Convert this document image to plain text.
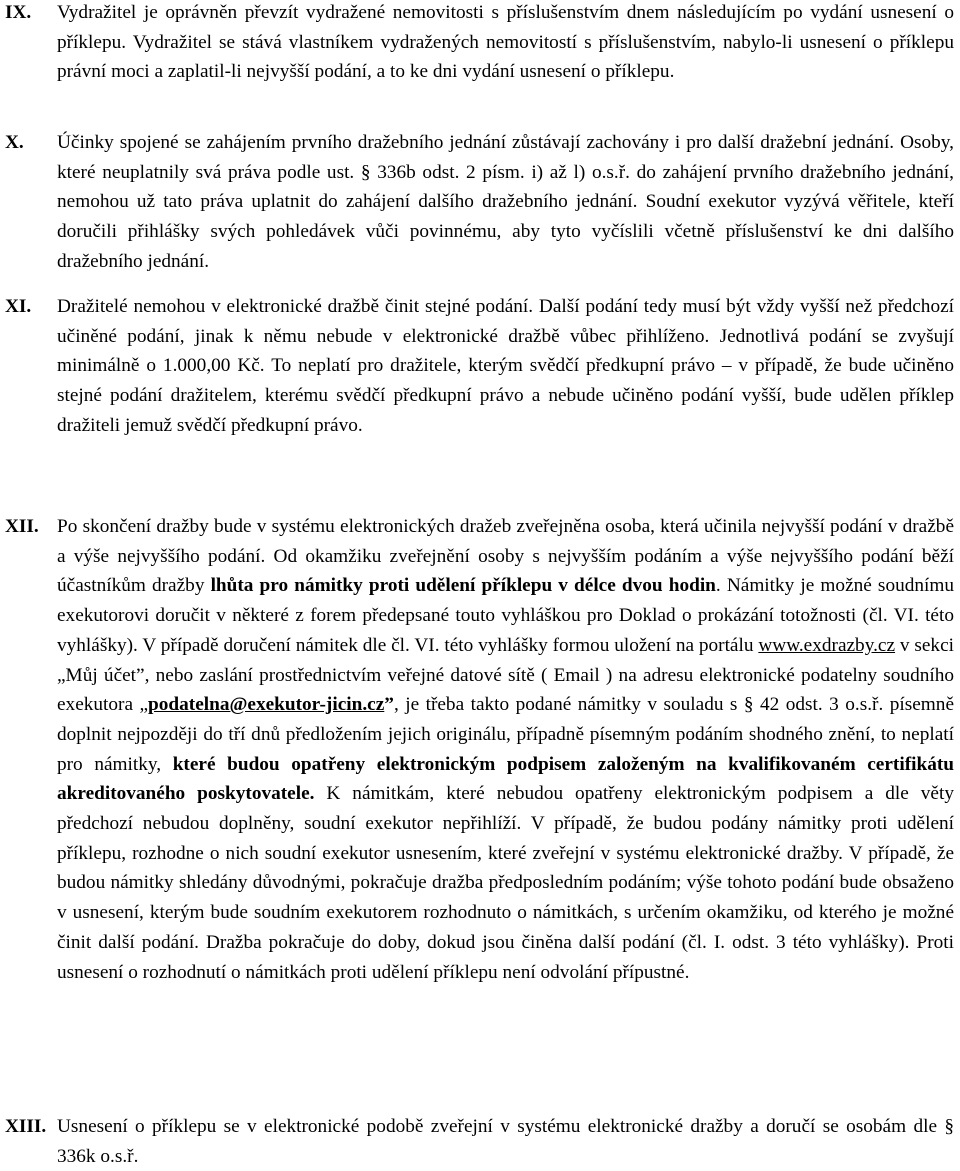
IX. Vydražitel je oprávněn převzít vydražené nemovitosti s příslušenstvím dnem následujícím po vydání usnesení o příklepu. Vydražitel se stává vlastníkem vydražených nemovitostí s příslušenstvím, nabylo-li usnesení o příklepu právní moci a zaplatil-li nejvyšší podání, a to ke dni vydání usnesení o příklepu.

X. Účinky spojené se zahájením prvního dražebního jednání zůstávají zachovány i pro další dražební jednání. Osoby, které neuplatnily svá práva podle ust. § 336b odst. 2 písm. i) až l) o.s.ř. do zahájení prvního dražebního jednání, nemohou už tato práva uplatnit do zahájení dalšího dražebního jednání. Soudní exekutor vyzývá věřitele, kteří doručili přihlášky svých pohledávek vůči povinnému, aby tyto vyčíslili včetně příslušenství ke dni dalšího dražebního jednání.

XI. Dražitelé nemohou v elektronické dražbě činit stejné podání. Další podání tedy musí být vždy vyšší než předchozí učiněné podání, jinak k němu nebude v elektronické dražbě vůbec přihlíženo. Jednotlivá podání se zvyšují minimálně o 1.000,00 Kč. To neplatí pro dražitele, kterým svědčí předkupní právo – v případě, že bude učiněno stejné podání dražitelem, kterému svědčí předkupní právo a nebude učiněno podání vyšší, bude udělen příklep dražiteli jemuž svědčí předkupní právo.

XII. Po skončení dražby bude v systému elektronických dražeb zveřejněna osoba, která učinila nejvyšší podání v dražbě a výše nejvyššího podání. Od okamžiku zveřejnění osoby s nejvyšším podáním a výše nejvyššího podání běží účastníkům dražby lhůta pro námitky proti udělení příklepu v délce dvou hodin. Námitky je možné soudnímu exekutorovi doručit v některé z forem předepsané touto vyhláškou pro Doklad o prokázání totožnosti (čl. VI. této vyhlášky). V případě doručení námitek dle čl. VI. této vyhlášky formou uložení na portálu www.exdrazby.cz v sekci „Můj účet”, nebo zaslání prostřednictvím veřejné datové sítě ( Email ) na adresu elektronické podatelny soudního exekutora „podatelna@exekutor-jicin.cz”, je třeba takto podané námitky v souladu s § 42 odst. 3 o.s.ř. písemně doplnit nejpozději do tří dnů předložením jejich originálu, případně písemným podáním shodného znění, to neplatí pro námitky, které budou opatřeny elektronickým podpisem založeným na kvalifikovaném certifikátu akreditovaného poskytovatele. K námitkám, které nebudou opatřeny elektronickým podpisem a dle věty předchozí nebudou doplněny, soudní exekutor nepřihlíží. V případě, že budou podány námitky proti udělení příklepu, rozhodne o nich soudní exekutor usnesením, které zveřejní v systému elektronické dražby. V případě, že budou námitky shledány důvodnými, pokračuje dražba předposledním podáním; výše tohoto podání bude obsaženo v usnesení, kterým bude soudním exekutorem rozhodnuto o námitkách, s určením okamžiku, od kterého je možné činit další podání. Dražba pokračuje do doby, dokud jsou činěna další podání (čl. I. odst. 3 této vyhlášky). Proti usnesení o rozhodnutí o námitkách proti udělení příklepu není odvolání přípustné.

XIII. Usnesení o příklepu se v elektronické podobě zveřejní v systému elektronické dražby a doručí se osobám dle § 336k o.s.ř.
